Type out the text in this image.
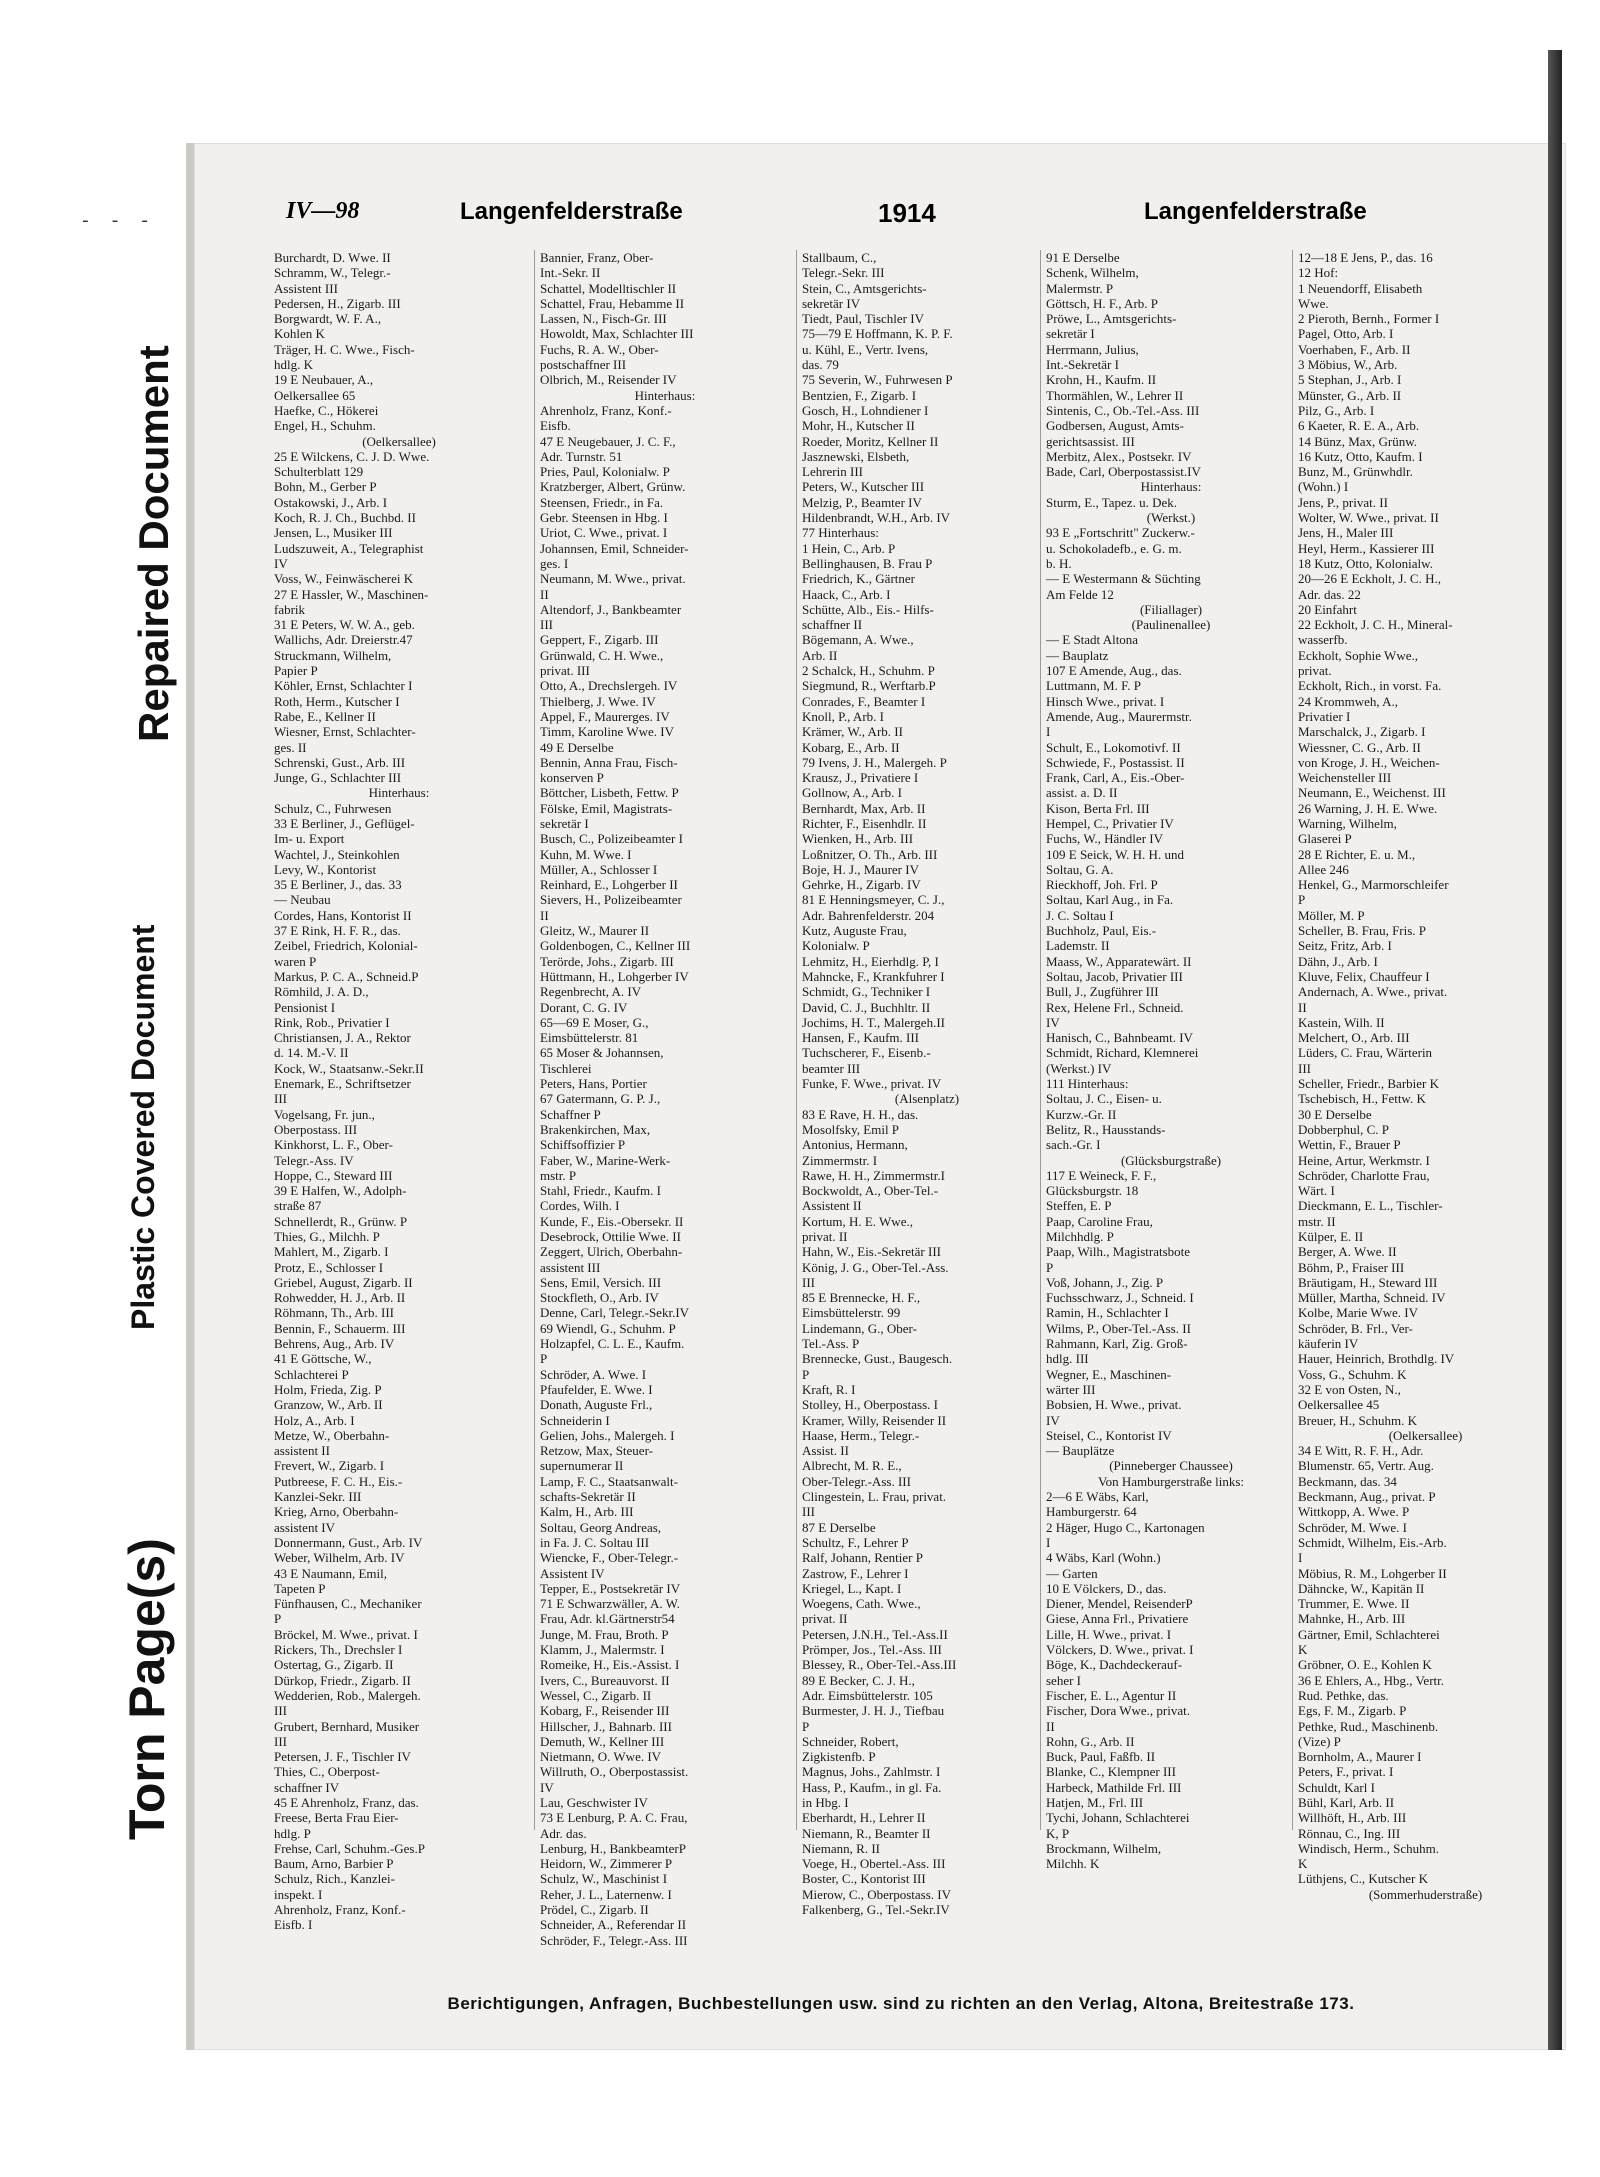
- - -
Repaired Document
Plastic Covered Document
Torn Page(s)
IV—98	Langenfelderstraße	1914	Langenfelderstraße
Burchardt, D. Wwe. II
Schramm, W., Telegr.-
Assistent III
Pedersen, H., Zigarb. III
Borgwardt, W. F. A.,
Kohlen K
Träger, H. C. Wwe., Fisch-
hdlg. K
19 E Neubauer, A.,
Oelkersallee 65
Haefke, C., Hökerei
Engel, H., Schuhm.
(Oelkersallee)
25 E Wilckens, C. J. D. Wwe.
Schulterblatt 129
Bohn, M., Gerber P
Ostakowski, J., Arb. I
Koch, R. J. Ch., Buchbd. II
Jensen, L., Musiker III
Ludszuweit, A., Telegraphist
IV
Voss, W., Feinwäscherei K
27 E Hassler, W., Maschinen-
fabrik
31 E Peters, W. W. A., geb.
Wallichs, Adr. Dreierstr.47
Struckmann, Wilhelm,
Papier P
Köhler, Ernst, Schlachter I
Roth, Herm., Kutscher I
Rabe, E., Kellner II
Wiesner, Ernst, Schlachter-
ges. II
Schrenski, Gust., Arb. III
Junge, G., Schlachter III
Hinterhaus:
Schulz, C., Fuhrwesen
33 E Berliner, J., Geflügel-
Im- u. Export
Wachtel, J., Steinkohlen
Levy, W., Kontorist
35 E Berliner, J., das. 33
— Neubau
Cordes, Hans, Kontorist II
37 E Rink, H. F. R., das.
Zeibel, Friedrich, Kolonial-
waren P
Markus, P. C. A., Schneid.P
Römhild, J. A. D.,
Pensionist I
Rink, Rob., Privatier I
Christiansen, J. A., Rektor
d. 14. M.-V. II
Kock, W., Staatsanw.-Sekr.II
Enemark, E., Schriftsetzer
III
Vogelsang, Fr. jun.,
Oberpostass. III
Kinkhorst, L. F., Ober-
Telegr.-Ass. IV
Hoppe, C., Steward III
39 E Halfen, W., Adolph-
straße 87
Schnellerdt, R., Grünw. P
Thies, G., Milchh. P
Mahlert, M., Zigarb. I
Protz, E., Schlosser I
Griebel, August, Zigarb. II
Rohwedder, H. J., Arb. II
Röhmann, Th., Arb. III
Bennin, F., Schauerm. III
Behrens, Aug., Arb. IV
41 E Göttsche, W.,
Schlachterei P
Holm, Frieda, Zig. P
Granzow, W., Arb. II
Holz, A., Arb. I
Metze, W., Oberbahn-
assistent II
Frevert, W., Zigarb. I
Putbreese, F. C. H., Eis.-
Kanzlei-Sekr. III
Krieg, Arno, Oberbahn-
assistent IV
Donnermann, Gust., Arb. IV
Weber, Wilhelm, Arb. IV
43 E Naumann, Emil,
Tapeten P
Fünfhausen, C., Mechaniker
P
Bröckel, M. Wwe., privat. I
Rickers, Th., Drechsler I
Ostertag, G., Zigarb. II
Dürkop, Friedr., Zigarb. II
Wedderien, Rob., Malergeh.
III
Grubert, Bernhard, Musiker
III
Petersen, J. F., Tischler IV
Thies, C., Oberpost-
schaffner IV
45 E Ahrenholz, Franz, das.
Freese, Berta Frau Eier-
hdlg. P
Frehse, Carl, Schuhm.-Ges.P
Baum, Arno, Barbier P
Schulz, Rich., Kanzlei-
inspekt. I
Ahrenholz, Franz, Konf.-
Eisfb. I
Bannier, Franz, Ober-
Int.-Sekr. II
Schattel, Modelltischler II
Schattel, Frau, Hebamme II
Lassen, N., Fisch-Gr. III
Howoldt, Max, Schlachter III
Fuchs, R. A. W., Ober-
postschaffner III
Olbrich, M., Reisender IV
Hinterhaus:
Ahrenholz, Franz, Konf.-
Eisfb.
47 E Neugebauer, J. C. F.,
Adr. Turnstr. 51
Pries, Paul, Kolonialw. P
Kratzberger, Albert, Grünw.
Steensen, Friedr., in Fa.
Gebr. Steensen in Hbg. I
Uriot, C. Wwe., privat. I
Johannsen, Emil, Schneider-
ges. I
Neumann, M. Wwe., privat.
II
Altendorf, J., Bankbeamter
III
Geppert, F., Zigarb. III
Grünwald, C. H. Wwe.,
privat. III
Otto, A., Drechslergeh. IV
Thielberg, J. Wwe. IV
Appel, F., Maurerges. IV
Timm, Karoline Wwe. IV
49 E Derselbe
Bennin, Anna Frau, Fisch-
konserven P
Böttcher, Lisbeth, Fettw. P
Fölske, Emil, Magistrats-
sekretär I
Busch, C., Polizeibeamter I
Kuhn, M. Wwe. I
Müller, A., Schlosser I
Reinhard, E., Lohgerber II
Sievers, H., Polizeibeamter
II
Gleitz, W., Maurer II
Goldenbogen, C., Kellner III
Terörde, Johs., Zigarb. III
Hüttmann, H., Lohgerber IV
Regenbrecht, A. IV
Dorant, C. G. IV
65—69 E Moser, G.,
Eimsbüttelerstr. 81
65 Moser & Johannsen,
Tischlerei
Peters, Hans, Portier
67 Gatermann, G. P. J.,
Schaffner P
Brakenkirchen, Max,
Schiffsoffizier P
Faber, W., Marine-Werk-
mstr. P
Stahl, Friedr., Kaufm. I
Cordes, Wilh. I
Kunde, F., Eis.-Obersekr. II
Desebrock, Ottilie Wwe. II
Zeggert, Ulrich, Oberbahn-
assistent III
Sens, Emil, Versich. III
Stockfleth, O., Arb. IV
Denne, Carl, Telegr.-Sekr.IV
69 Wiendl, G., Schuhm. P
Holzapfel, C. L. E., Kaufm.
P
Schröder, A. Wwe. I
Pfaufelder, E. Wwe. I
Donath, Auguste Frl.,
Schneiderin I
Gelien, Johs., Malergeh. I
Retzow, Max, Steuer-
supernumerar II
Lamp, F. C., Staatsanwalt-
schafts-Sekretär II
Kalm, H., Arb. III
Soltau, Georg Andreas,
in Fa. J. C. Soltau III
Wiencke, F., Ober-Telegr.-
Assistent IV
Tepper, E., Postsekretär IV
71 E Schwarzwäller, A. W.
Frau, Adr. kl.Gärtnerstr54
Junge, M. Frau, Broth. P
Klamm, J., Malermstr. I
Romeike, H., Eis.-Assist. I
Ivers, C., Bureauvorst. II
Wessel, C., Zigarb. II
Kobarg, F., Reisender III
Hillscher, J., Bahnarb. III
Demuth, W., Kellner III
Nietmann, O. Wwe. IV
Willruth, O., Oberpostassist.
IV
Lau, Geschwister IV
73 E Lenburg, P. A. C. Frau,
Adr. das.
Lenburg, H., BankbeamterP
Heidorn, W., Zimmerer P
Schulz, W., Maschinist I
Reher, J. L., Laternenw. I
Prödel, C., Zigarb. II
Schneider, A., Referendar II
Schröder, F., Telegr.-Ass. III
Stallbaum, C.,
Telegr.-Sekr. III
Stein, C., Amtsgerichts-
sekretär IV
Tiedt, Paul, Tischler IV
75—79 E Hoffmann, K. P. F.
u. Kühl, E., Vertr. Ivens,
das. 79
75 Severin, W., Fuhrwesen P
Bentzien, F., Zigarb. I
Gosch, H., Lohndiener I
Mohr, H., Kutscher II
Roeder, Moritz, Kellner II
Jasznewski, Elsbeth,
Lehrerin III
Peters, W., Kutscher III
Melzig, P., Beamter IV
Hildenbrandt, W.H., Arb. IV
77 Hinterhaus:
1 Hein, C., Arb. P
Bellinghausen, B. Frau P
Friedrich, K., Gärtner
Haack, C., Arb. I
Schütte, Alb., Eis.- Hilfs-
schaffner II
Bögemann, A. Wwe.,
Arb. II
2 Schalck, H., Schuhm. P
Siegmund, R., Werftarb.P
Conrades, F., Beamter I
Knoll, P., Arb. I
Krämer, W., Arb. II
Kobarg, E., Arb. II
79 Ivens, J. H., Malergeh. P
Krausz, J., Privatiere I
Gollnow, A., Arb. I
Bernhardt, Max, Arb. II
Richter, F., Eisenhdlr. II
Wienken, H., Arb. III
Loßnitzer, O. Th., Arb. III
Boje, H. J., Maurer IV
Gehrke, H., Zigarb. IV
81 E Henningsmeyer, C. J.,
Adr. Bahrenfelderstr. 204
Kutz, Auguste Frau,
Kolonialw. P
Lehmitz, H., Eierhdlg. P, I
Mahncke, F., Krankfuhrer I
Schmidt, G., Techniker I
David, C. J., Buchhltr. II
Jochims, H. T., Malergeh.II
Hansen, F., Kaufm. III
Tuchscherer, F., Eisenb.-
beamter III
Funke, F. Wwe., privat. IV
(Alsenplatz)
83 E Rave, H. H., das.
Mosolfsky, Emil P
Antonius, Hermann,
Zimmermstr. I
Rawe, H. H., Zimmermstr.I
Bockwoldt, A., Ober-Tel.-
Assistent II
Kortum, H. E. Wwe.,
privat. II
Hahn, W., Eis.-Sekretär III
König, J. G., Ober-Tel.-Ass.
III
85 E Brennecke, H. F.,
Eimsbüttelerstr. 99
Lindemann, G., Ober-
Tel.-Ass. P
Brennecke, Gust., Baugesch.
P
Kraft, R. I
Stolley, H., Oberpostass. I
Kramer, Willy, Reisender II
Haase, Herm., Telegr.-
Assist. II
Albrecht, M. R. E.,
Ober-Telegr.-Ass. III
Clingestein, L. Frau, privat.
III
87 E Derselbe
Schultz, F., Lehrer P
Ralf, Johann, Rentier P
Zastrow, F., Lehrer I
Kriegel, L., Kapt. I
Woegens, Cath. Wwe.,
privat. II
Petersen, J.N.H., Tel.-Ass.II
Prömper, Jos., Tel.-Ass. III
Blessey, R., Ober-Tel.-Ass.III
89 E Becker, C. J. H.,
Adr. Eimsbüttelerstr. 105
Burmester, J. H. J., Tiefbau
P
Schneider, Robert,
Zigkistenfb. P
Magnus, Johs., Zahlmstr. I
Hass, P., Kaufm., in gl. Fa.
in Hbg. I
Eberhardt, H., Lehrer II
Niemann, R., Beamter II
Niemann, R. II
Voege, H., Obertel.-Ass. III
Boster, C., Kontorist III
Mierow, C., Oberpostass. IV
Falkenberg, G., Tel.-Sekr.IV
91 E Derselbe
Schenk, Wilhelm,
Malermstr. P
Göttsch, H. F., Arb. P
Pröwe, L., Amtsgerichts-
sekretär I
Herrmann, Julius,
Int.-Sekretär I
Krohn, H., Kaufm. II
Thormählen, W., Lehrer II
Sintenis, C., Ob.-Tel.-Ass. III
Godbersen, August, Amts-
gerichtsassist. III
Merbitz, Alex., Postsekr. IV
Bade, Carl, Oberpostassist.IV
Hinterhaus:
Sturm, E., Tapez. u. Dek.
(Werkst.)
93 E „Fortschritt" Zuckerw.-
u. Schokoladefb., e. G. m.
b. H.
— E Westermann & Süchting
Am Felde 12
(Filiallager)
(Paulinenallee)
— E Stadt Altona
— Bauplatz
107 E Amende, Aug., das.
Luttmann, M. F. P
Hinsch Wwe., privat. I
Amende, Aug., Maurermstr.
I
Schult, E., Lokomotivf. II
Schwiede, F., Postassist. II
Frank, Carl, A., Eis.-Ober-
assist. a. D. II
Kison, Berta Frl. III
Hempel, C., Privatier IV
Fuchs, W., Händler IV
109 E Seick, W. H. H. und
Soltau, G. A.
Rieckhoff, Joh. Frl. P
Soltau, Karl Aug., in Fa.
J. C. Soltau I
Buchholz, Paul, Eis.-
Lademstr. II
Maass, W., Apparatewärt. II
Soltau, Jacob, Privatier III
Bull, J., Zugführer III
Rex, Helene Frl., Schneid.
IV
Hanisch, C., Bahnbeamt. IV
Schmidt, Richard, Klemnerei
(Werkst.) IV
111 Hinterhaus:
Soltau, J. C., Eisen- u.
Kurzw.-Gr. II
Belitz, R., Hausstands-
sach.-Gr. I
(Glücksburgstraße)
117 E Weineck, F. F.,
Glücksburgstr. 18
Steffen, E. P
Paap, Caroline Frau,
Milchhdlg. P
Paap, Wilh., Magistratsbote
P
Voß, Johann, J., Zig. P
Fuchsschwarz, J., Schneid. I
Ramin, H., Schlachter I
Wilms, P., Ober-Tel.-Ass. II
Rahmann, Karl, Zig. Groß-
hdlg. III
Wegner, E., Maschinen-
wärter III
Bobsien, H. Wwe., privat.
IV
Steisel, C., Kontorist IV
— Bauplätze
(Pinneberger Chaussee)
Von Hamburgerstraße links:
2—6 E Wäbs, Karl,
Hamburgerstr. 64
2 Häger, Hugo C., Kartonagen
I
4 Wäbs, Karl (Wohn.)
— Garten
10 E Völckers, D., das.
Diener, Mendel, ReisenderP
Giese, Anna Frl., Privatiere
Lille, H. Wwe., privat. I
Völckers, D. Wwe., privat. I
Böge, K., Dachdeckerauf-
seher I
Fischer, E. L., Agentur II
Fischer, Dora Wwe., privat.
II
Rohn, G., Arb. II
Buck, Paul, Faßfb. II
Blanke, C., Klempner III
Harbeck, Mathilde Frl. III
Hatjen, M., Frl. III
Tychi, Johann, Schlachterei
K, P
Brockmann, Wilhelm,
Milchh. K
12—18 E Jens, P., das. 16
12 Hof:
1 Neuendorff, Elisabeth
Wwe.
2 Pieroth, Bernh., Former I
Pagel, Otto, Arb. I
Voerhaben, F., Arb. II
3 Möbius, W., Arb.
5 Stephan, J., Arb. I
Münster, G., Arb. II
Pilz, G., Arb. I
6 Kaeter, R. E. A., Arb.
14 Bünz, Max, Grünw.
16 Kutz, Otto, Kaufm. I
Bunz, M., Grünwhdlr.
(Wohn.) I
Jens, P., privat. II
Wolter, W. Wwe., privat. II
Jens, H., Maler III
Heyl, Herm., Kassierer III
18 Kutz, Otto, Kolonialw.
20—26 E Eckholt, J. C. H.,
Adr. das. 22
20 Einfahrt
22 Eckholt, J. C. H., Mineral-
wasserfb.
Eckholt, Sophie Wwe.,
privat.
Eckholt, Rich., in vorst. Fa.
24 Krommweh, A.,
Privatier I
Marschalck, J., Zigarb. I
Wiessner, C. G., Arb. II
von Kroge, J. H., Weichen-
Weichensteller III
Neumann, E., Weichenst. III
26 Warning, J. H. E. Wwe.
Warning, Wilhelm,
Glaserei P
28 E Richter, E. u. M.,
Allee 246
Henkel, G., Marmorschleifer
P
Möller, M. P
Scheller, B. Frau, Fris. P
Seitz, Fritz, Arb. I
Dähn, J., Arb. I
Kluve, Felix, Chauffeur I
Andernach, A. Wwe., privat.
II
Kastein, Wilh. II
Melchert, O., Arb. III
Lüders, C. Frau, Wärterin
III
Scheller, Friedr., Barbier K
Tschebisch, H., Fettw. K
30 E Derselbe
Dobberphul, C. P
Wettin, F., Brauer P
Heine, Artur, Werkmstr. I
Schröder, Charlotte Frau,
Wärt. I
Dieckmann, E. L., Tischler-
mstr. II
Külper, E. II
Berger, A. Wwe. II
Böhm, P., Fraiser III
Bräutigam, H., Steward III
Müller, Martha, Schneid. IV
Kolbe, Marie Wwe. IV
Schröder, B. Frl., Ver-
käuferin IV
Hauer, Heinrich, Brothdlg. IV
Voss, G., Schuhm. K
32 E von Osten, N.,
Oelkersallee 45
Breuer, H., Schuhm. K
(Oelkersallee)
34 E Witt, R. F. H., Adr.
Blumenstr. 65, Vertr. Aug.
Beckmann, das. 34
Beckmann, Aug., privat. P
Wittkopp, A. Wwe. P
Schröder, M. Wwe. I
Schmidt, Wilhelm, Eis.-Arb.
I
Möbius, R. M., Lohgerber II
Dähncke, W., Kapitän II
Trummer, E. Wwe. II
Mahnke, H., Arb. III
Gärtner, Emil, Schlachterei
K
Gröbner, O. E., Kohlen K
36 E Ehlers, A., Hbg., Vertr.
Rud. Pethke, das.
Egs, F. M., Zigarb. P
Pethke, Rud., Maschinenb.
(Vize) P
Bornholm, A., Maurer I
Peters, F., privat. I
Schuldt, Karl I
Bühl, Karl, Arb. II
Willhöft, H., Arb. III
Rönnau, C., Ing. III
Windisch, Herm., Schuhm.
K
Lüthjens, C., Kutscher K
(Sommerhuderstraße)
Berichtigungen, Anfragen, Buchbestellungen usw. sind zu richten an den Verlag, Altona, Breitestraße 173.
